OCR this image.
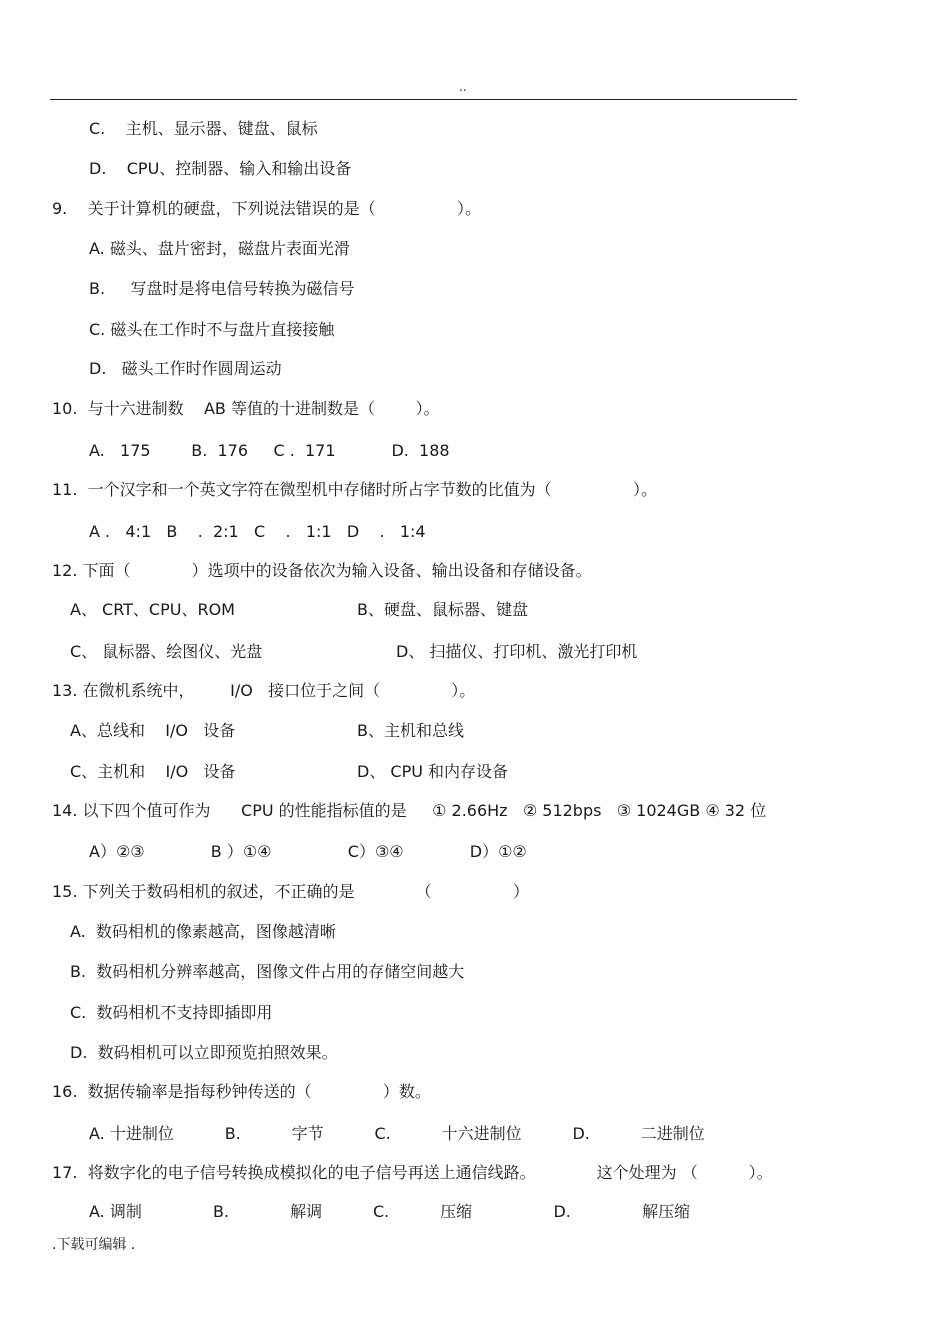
..
C.    主机、显示器、键盘、鼠标
D.    CPU、控制器、输入和输出设备
9.    关于计算机的硬盘，下列说法错误的是（                ）。
A. 磁头、盘片密封，磁盘片表面光滑
B.     写盘时是将电信号转换为磁信号
C. 磁头在工作时不与盘片直接接触
D.   磁头工作时作圆周运动
10.  与十六进制数    AB 等值的十进制数是（        ）。
A.   175        B.  176     C .  171           D.  188
11.  一个汉字和一个英文字符在微型机中存储时所占字节数的比值为（                ）。
A .   4:1   B    .  2:1   C    .   1:1   D    .   1:4
12. 下面（            ）选项中的设备依次为输入设备、输出设备和存储设备。
A、 CRT、CPU、ROM	B、硬盘、鼠标器、键盘
C、 鼠标器、绘图仪、光盘	D、 扫描仪、打印机、激光打印机
13. 在微机系统中，       I/O   接口位于之间（              ）。
A、总线和    I/O   设备	B、主机和总线
C、主机和    I/O   设备	D、 CPU 和内存设备
14. 以下四个值可作为      CPU 的性能指标值的是     ① 2.66Hz   ② 512bps   ③ 1024GB ④ 32 位
A）②③             B ）①④               C）③④             D）①②
15. 下列关于数码相机的叙述，不正确的是            （                ）
A.  数码相机的像素越高，图像越清晰
B.  数码相机分辨率越高，图像文件占用的存储空间越大
C.  数码相机不支持即插即用
D.  数码相机可以立即预览拍照效果。
16.  数据传输率是指每秒钟传送的（              ）数。
A. 十进制位          B.          字节          C.          十六进制位          D.          二进制位
17.  将数字化的电子信号转换成模拟化的电子信号再送上通信线路。            这个处理为 （          ）。
A. 调制              B.            解调          C.          压缩                D.              解压缩
.下载可编辑 .
